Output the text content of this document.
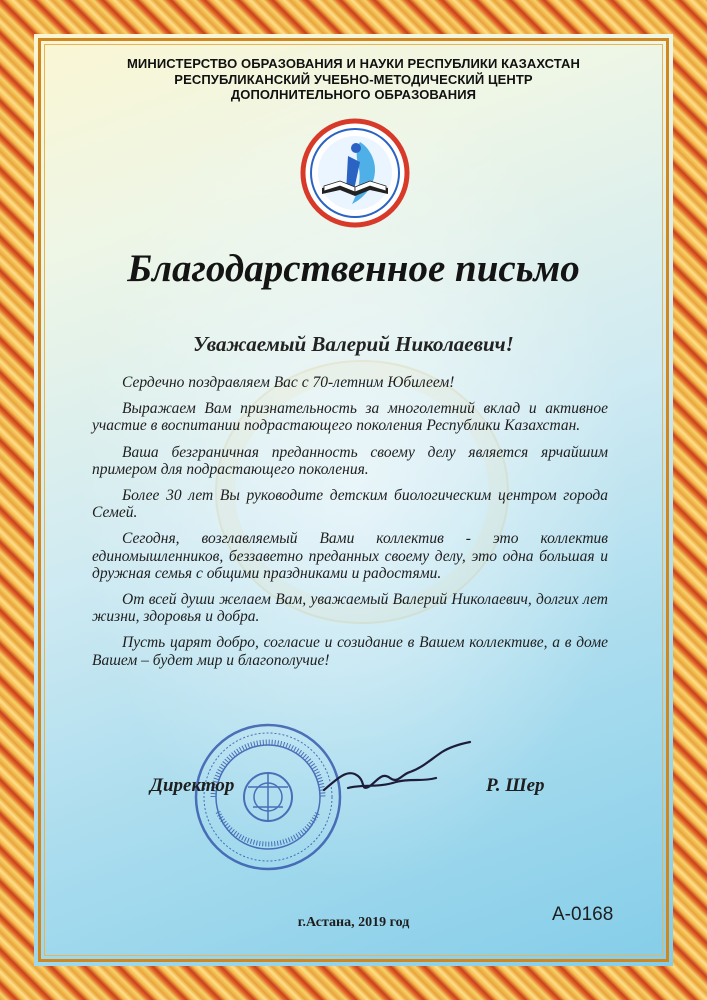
МИНИСТЕРСТВО ОБРАЗОВАНИЯ И НАУКИ РЕСПУБЛИКИ КАЗАХСТАН
РЕСПУБЛИКАНСКИЙ УЧЕБНО-МЕТОДИЧЕСКИЙ ЦЕНТР
ДОПОЛНИТЕЛЬНОГО ОБРАЗОВАНИЯ
Благодарственное письмо
Уважаемый Валерий Николаевич!

Сердечно поздравляем Вас с 70-летним Юбилеем!

Выражаем Вам признательность за многолетний вклад и активное участие в воспитании подрастающего поколения Республики Казахстан.

Ваша безграничная преданность своему делу является ярчайшим примером для подрастающего поколения.

Более 30 лет Вы руководите детским биологическим центром города Семей.

Сегодня, возглавляемый Вами коллектив - это коллектив единомышленников, беззаветно преданных своему делу, это одна большая и дружная семья с общими праздниками и радостями.

От всей души желаем Вам, уважаемый Валерий Николаевич, долгих лет жизни, здоровья и добра.

Пусть царят добро, согласие и созидание в Вашем коллективе, а в доме Вашем – будет мир и благополучие!

Директор	Р. Шер
г.Астана, 2019 год	А-0168
